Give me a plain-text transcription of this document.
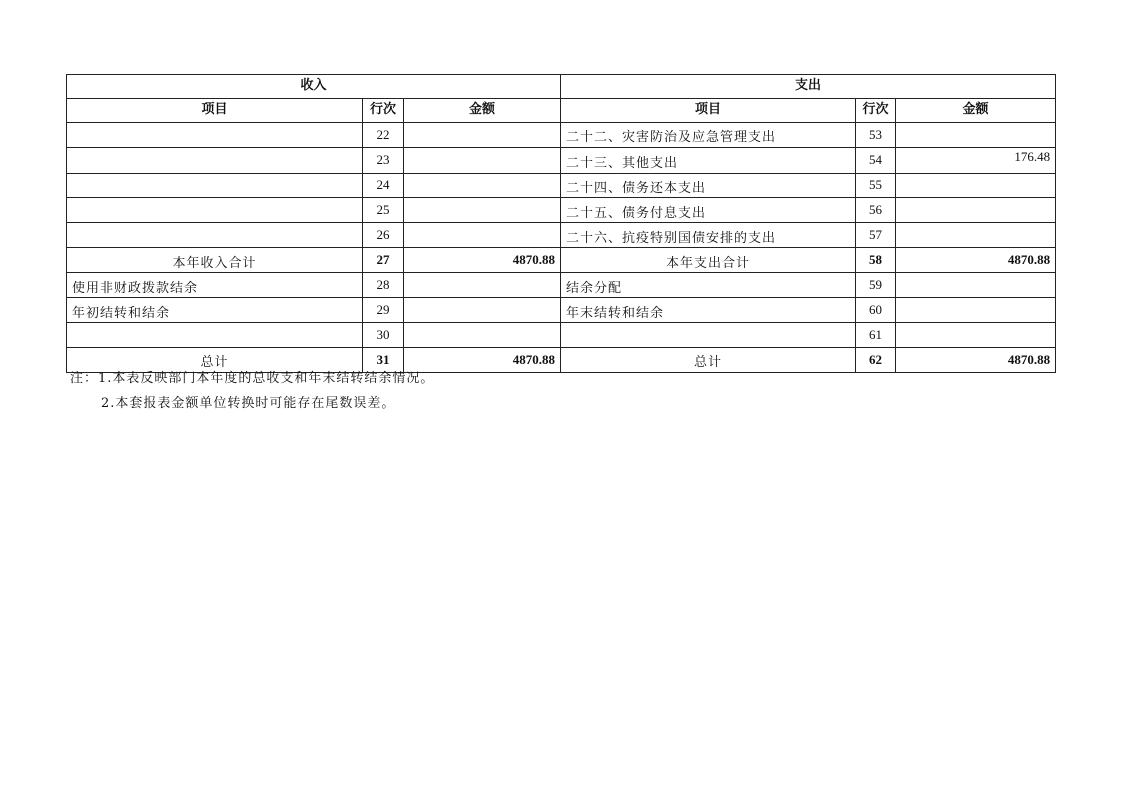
收入			支出		
项目	行次	金额	项目	行次	金额
	22		二十二、灾害防治及应急管理支出	53	
	23		二十三、其他支出	54	176.48
	24		二十四、债务还本支出	55	
	25		二十五、债务付息支出	56	
	26		二十六、抗疫特别国债安排的支出	57	
本年收入合计	27	4870.88	本年支出合计	58	4870.88
使用非财政拨款结余	28		结余分配	59	
年初结转和结余	29		年末结转和结余	60	
	30			61	
总计	31	4870.88	总计	62	4870.88
注：1.本表反映部门本年度的总收支和年末结转结余情况。
2.本套报表金额单位转换时可能存在尾数误差。
